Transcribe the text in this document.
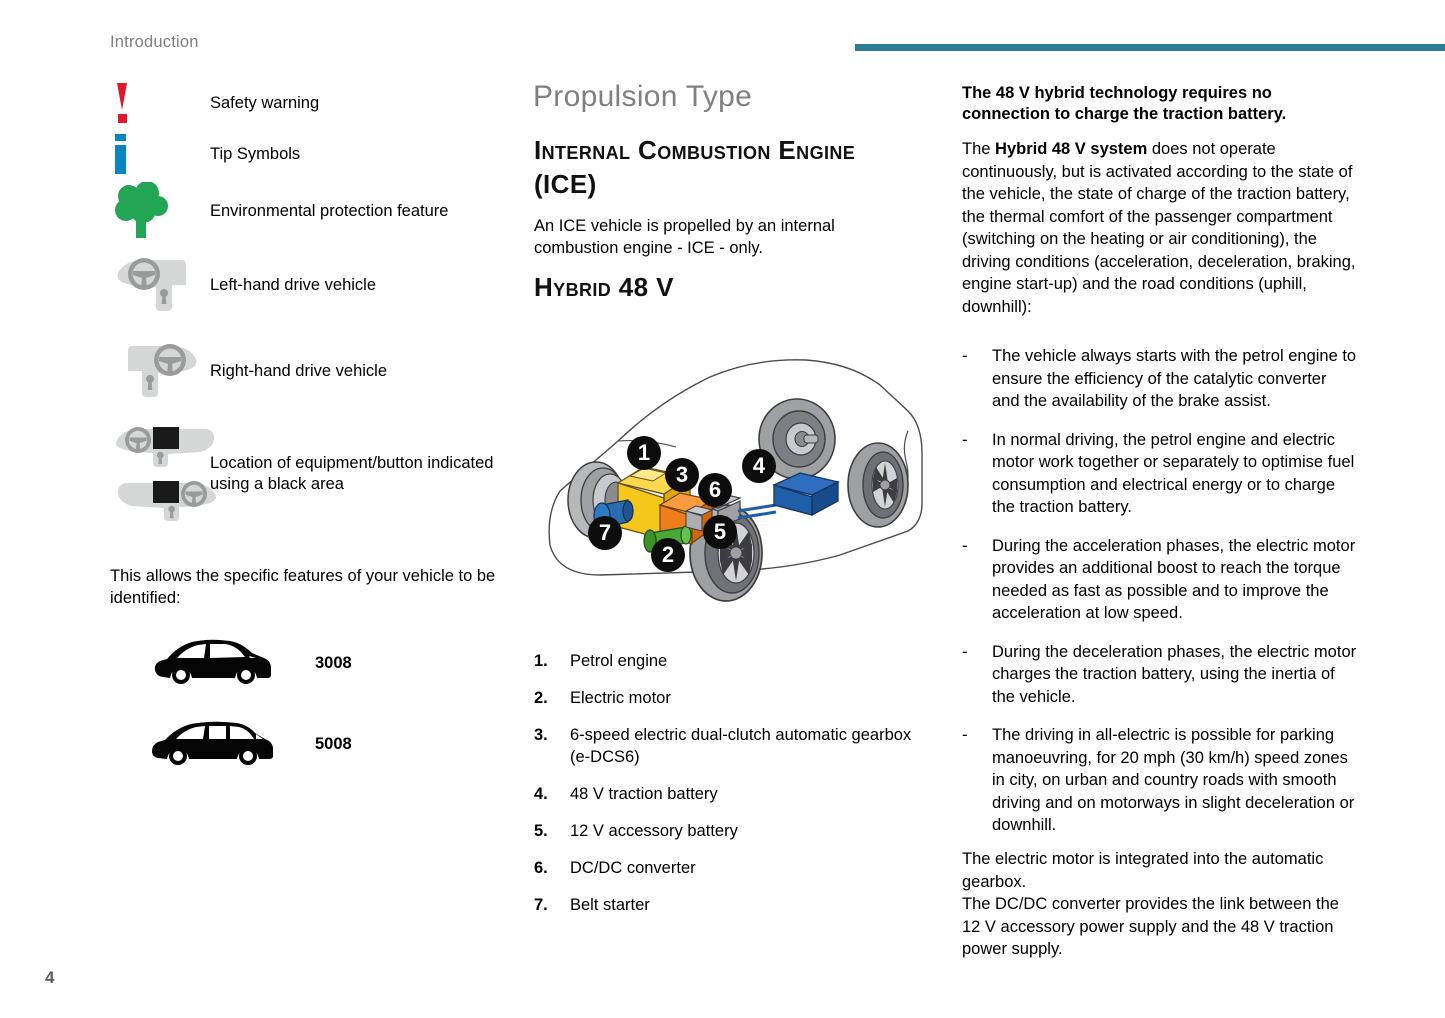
Introduction
4
Safety warning
Tip Symbols
Environmental protection feature
Left-hand drive vehicle
Right-hand drive vehicle
Location of equipment/button indicated using a black area
This allows the specific features of your vehicle to be identified:
3008
5008
Propulsion Type
Internal Combustion Engine (ICE)
An ICE vehicle is propelled by an internal combustion engine - ICE - only.
Hybrid 48 V
1
3
6
4
5
7
2
1.	Petrol engine
2.	Electric motor
3.	6-speed electric dual-clutch automatic gearbox (e-DCS6)
4.	48 V traction battery
5.	12 V accessory battery
6.	DC/DC converter
7.	Belt starter
The 48 V hybrid technology requires no connection to charge the traction battery.
The Hybrid 48 V system does not operate continuously, but is activated according to the state of the vehicle, the state of charge of the traction battery, the thermal comfort of the passenger compartment (switching on the heating or air conditioning), the driving conditions (acceleration, deceleration, braking, engine start-up) and the road conditions (uphill, downhill):
-	The vehicle always starts with the petrol engine to ensure the efficiency of the catalytic converter and the availability of the brake assist.
-	In normal driving, the petrol engine and electric motor work together or separately to optimise fuel consumption and electrical energy or to charge the traction battery.
-	During the acceleration phases, the electric motor provides an additional boost to reach the torque needed as fast as possible and to improve the acceleration at low speed.
-	During the deceleration phases, the electric motor charges the traction battery, using the inertia of the vehicle.
-	The driving in all-electric is possible for parking manoeuvring, for 20 mph (30 km/h) speed zones in city, on urban and country roads with smooth driving and on motorways in slight deceleration or downhill.

The electric motor is integrated into the automatic gearbox.

The DC/DC converter provides the link between the 12 V accessory power supply and the 48 V traction power supply.
